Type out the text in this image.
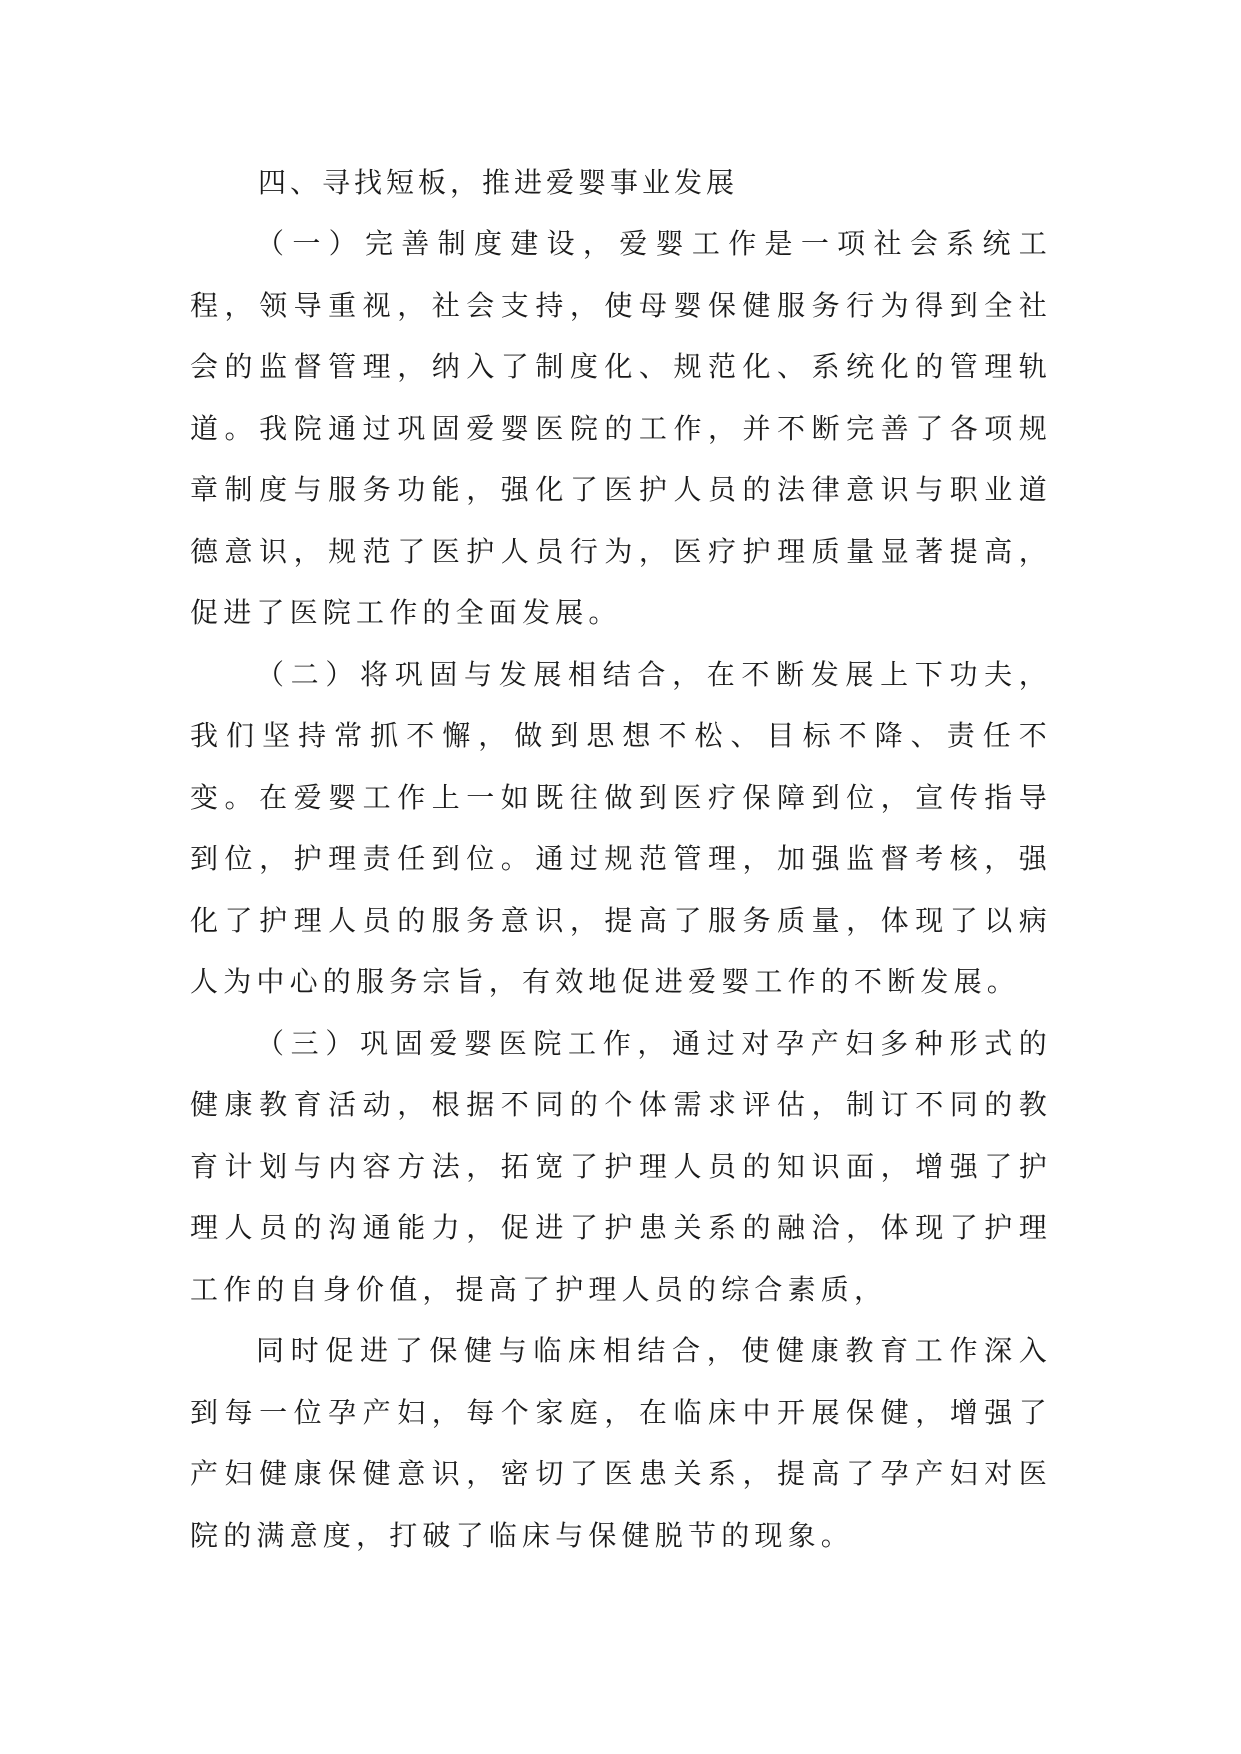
四、寻找短板，推进爱婴事业发展

（一）完善制度建设，爱婴工作是一项社会系统工程，领导重视，社会支持，使母婴保健服务行为得到全社会的监督管理，纳入了制度化、规范化、系统化的管理轨道。我院通过巩固爱婴医院的工作，并不断完善了各项规章制度与服务功能，强化了医护人员的法律意识与职业道德意识，规范了医护人员行为，医疗护理质量显著提高，促进了医院工作的全面发展。

（二）将巩固与发展相结合，在不断发展上下功夫，我们坚持常抓不懈，做到思想不松、目标不降、责任不变。在爱婴工作上一如既往做到医疗保障到位，宣传指导到位，护理责任到位。通过规范管理，加强监督考核，强化了护理人员的服务意识，提高了服务质量，体现了以病人为中心的服务宗旨，有效地促进爱婴工作的不断发展。

（三）巩固爱婴医院工作，通过对孕产妇多种形式的健康教育活动，根据不同的个体需求评估，制订不同的教育计划与内容方法，拓宽了护理人员的知识面，增强了护理人员的沟通能力，促进了护患关系的融洽，体现了护理工作的自身价值，提高了护理人员的综合素质，

同时促进了保健与临床相结合，使健康教育工作深入到每一位孕产妇，每个家庭，在临床中开展保健，增强了产妇健康保健意识，密切了医患关系，提高了孕产妇对医院的满意度，打破了临床与保健脱节的现象。
